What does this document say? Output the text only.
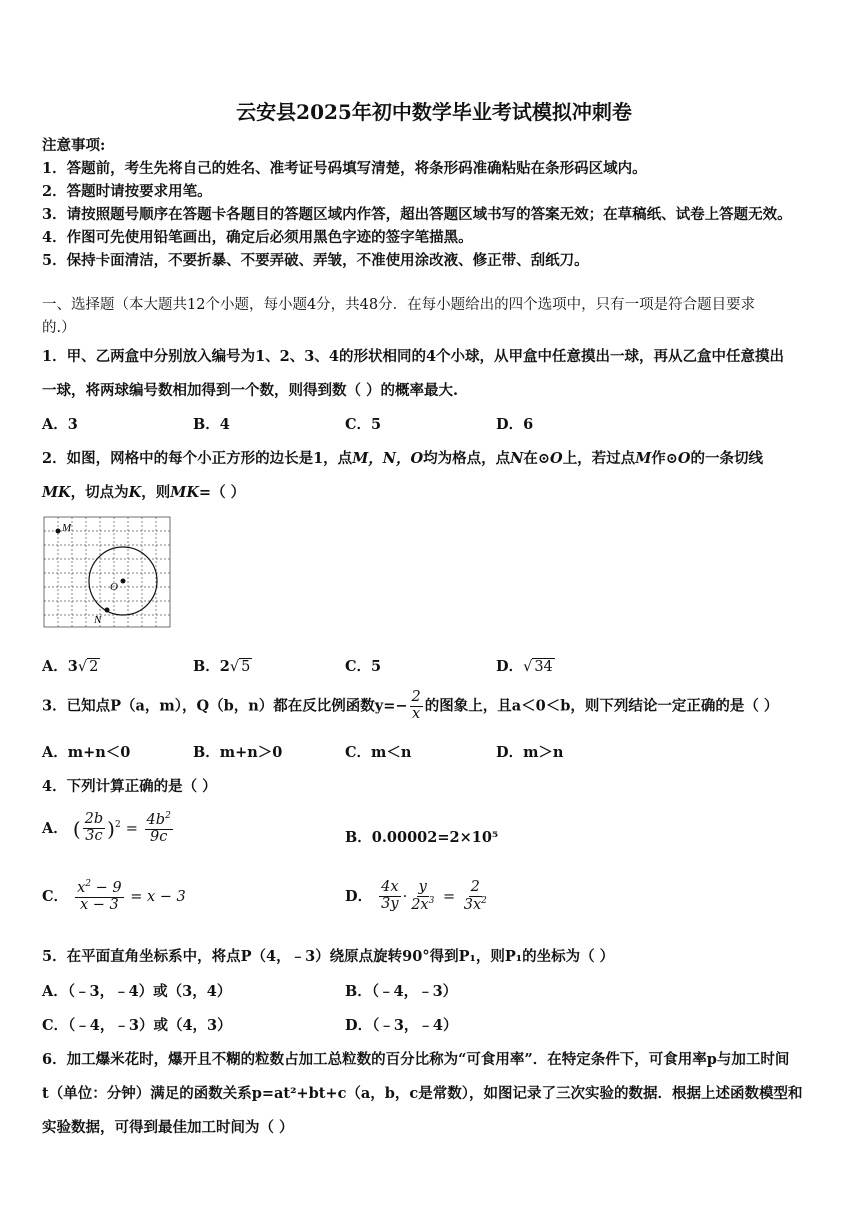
云安县2025年初中数学毕业考试模拟冲刺卷
注意事项:
1．答题前，考生先将自己的姓名、准考证号码填写清楚，将条形码准确粘贴在条形码区域内。
2．答题时请按要求用笔。
3．请按照题号顺序在答题卡各题目的答题区域内作答，超出答题区域书写的答案无效；在草稿纸、试卷上答题无效。
4．作图可先使用铅笔画出，确定后必须用黑色字迹的签字笔描黑。
5．保持卡面清洁，不要折暴、不要弄破、弄皱，不准使用涂改液、修正带、刮纸刀。
一、选择题（本大题共12个小题，每小题4分，共48分．在每小题给出的四个选项中，只有一项是符合题目要求
的.）
1．甲、乙两盒中分别放入编号为1、2、3、4的形状相同的4个小球，从甲盒中任意摸出一球，再从乙盒中任意摸出
一球，将两球编号数相加得到一个数，则得到数（ ）的概率最大.
A．3	B．4	C．5	D．6
2．如图，网格中的每个小正方形的边长是1，点M，N，O均为格点，点N在⊙O上，若过点M作⊙O的一条切线
MK，切点为K，则MK=（ ）
M
O
N
A．3√ 2	B．2√ 5	C．5	D．√ 34
3．已知点P（a，m），Q（b，n）都在反比例函数$y=- \frac{2}{x}$ 的图象上，且a＜0＜b，则下列结论一定正确的是（ ）
A．m+n＜0	B．m+n＞0	C．m＜n	D．m＞n
4．下列计算正确的是（ ）
A． ( $\frac{2b}{3c} )^2 = \frac{4b^2}{9c}$	B．0.00002=2×10⁵
C． $\frac{x^2 - 9}{x - 3} = x - 3$	D． $\frac{4x}{3y} \cdot \frac{y}{2x^3} = \frac{2}{3x^2}$
5．在平面直角坐标系中，将点P（4，﹣3）绕原点旋转90°得到P₁，则P₁的坐标为（ ）
A．（﹣3，﹣4）或（3，4）	B．（﹣4，﹣3）
C．（﹣4，﹣3）或（4，3）	D．（﹣3，﹣4）
6．加工爆米花时，爆开且不糊的粒数占加工总粒数的百分比称为“可食用率”．在特定条件下，可食用率p与加工时间
t（单位：分钟）满足的函数关系p=at²+bt+c（a，b，c是常数），如图记录了三次实验的数据．根据上述函数模型和
实验数据，可得到最佳加工时间为（ ）
